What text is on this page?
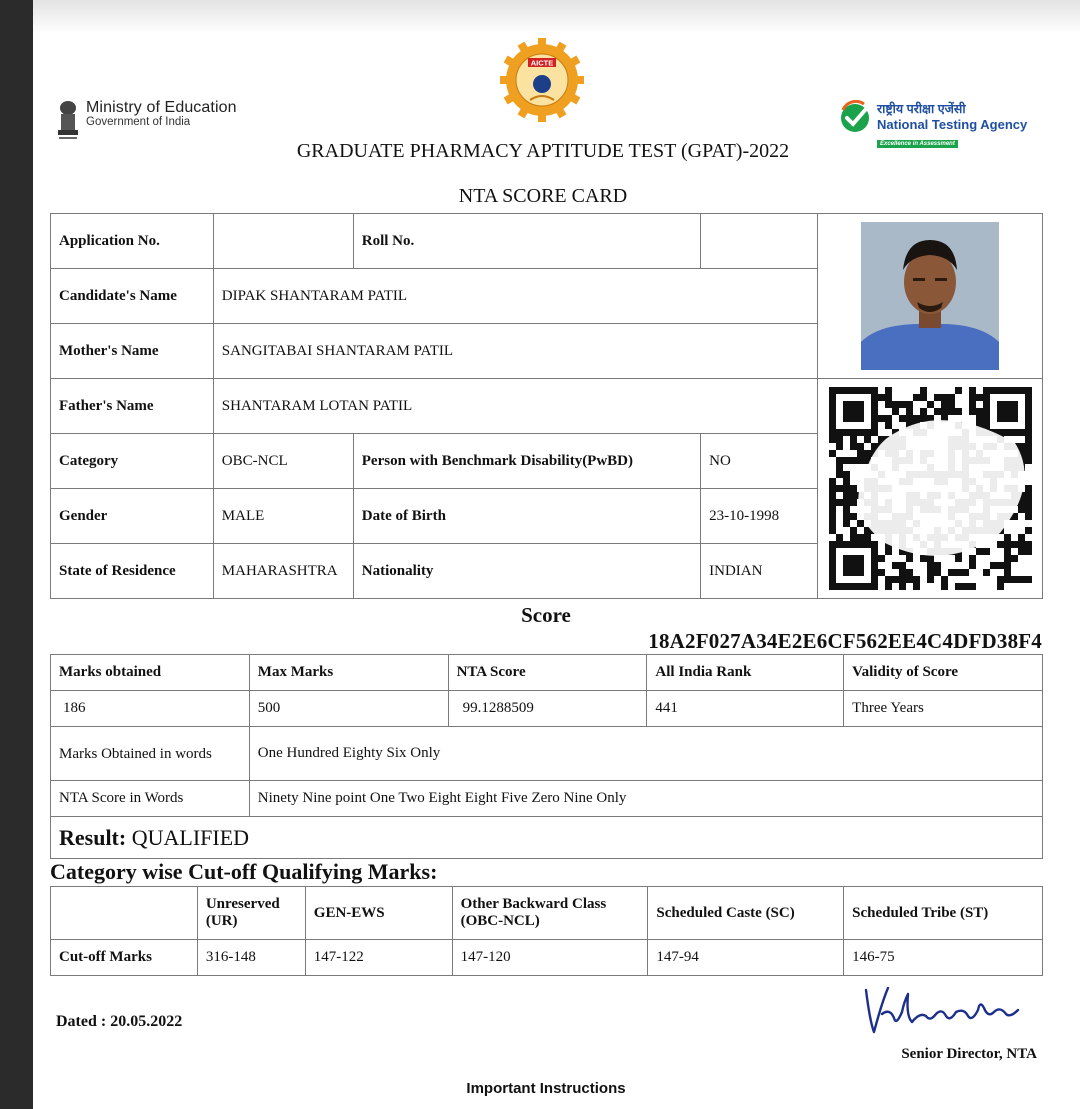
AICTE
Ministry of Education
Government of India
राष्ट्रीय परीक्षा एजेंसी
National Testing Agency
Excellence in Assessment
GRADUATE PHARMACY APTITUDE TEST (GPAT)-2022
NTA SCORE CARD
Application No.		Roll No.		
Candidate's Name	DIPAK SHANTARAM PATIL			
Mother's Name	SANGITABAI SHANTARAM PATIL			
Father's Name	SHANTARAM LOTAN PATIL	
Category	OBC-NCL	Person with Benchmark Disability(PwBD)	NO	
Gender	MALE	Date of Birth	23-10-1998	
State of Residence	MAHARASHTRA	Nationality	INDIAN	
Score
18A2F027A34E2E6CF562EE4C4DFD38F4
Marks obtained	Max Marks	NTA Score	All India Rank	Validity of Score
186	500	99.1288509	441	Three Years
Marks Obtained in words	One Hundred Eighty Six Only			
NTA Score in Words	Ninety Nine point One Two Eight Eight Five Zero Nine Only			
Result: QUALIFIED				
Category wise Cut-off Qualifying Marks:
	Unreserved (UR)	GEN-EWS	Other Backward Class (OBC-NCL)	Scheduled Caste (SC)	Scheduled Tribe (ST)
Cut-off Marks	316-148	147-122	147-120	147-94	146-75
Dated : 20.05.2022
Vnlarasehar
Senior Director, NTA
Important Instructions
